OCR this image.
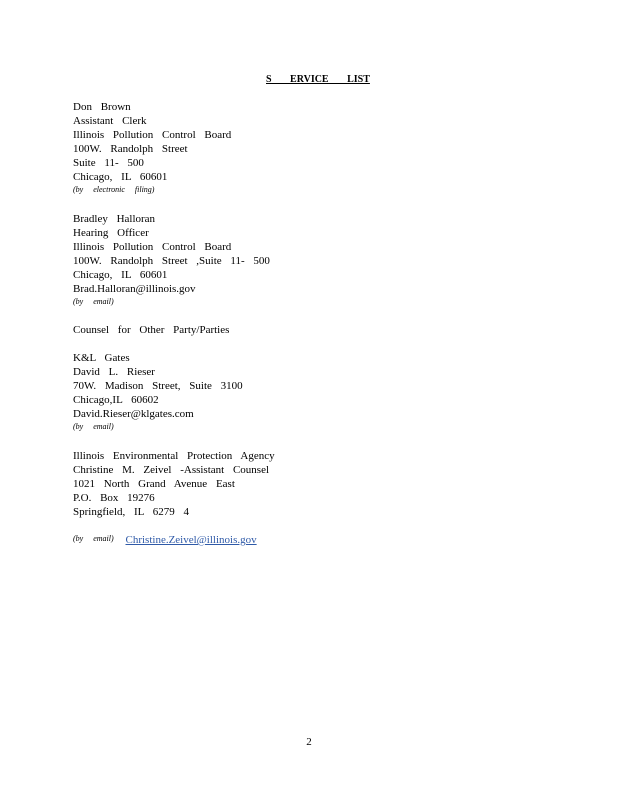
S ERVICE LIST
Don Brown
Assistant Clerk
Illinois Pollution Control Board
100W. Randolph Street
Suite 11- 500
Chicago, IL 60601
(by electronic filing)
Bradley Halloran
Hearing Officer
Illinois Pollution Control Board
100W. Randolph Street ,Suite 11- 500
Chicago, IL 60601
Brad.Halloran@illinois.gov
(by email)
Counsel for Other Party/Parties
K&L Gates
David L. Rieser
70W. Madison Street, Suite 3100
Chicago,IL 60602
David.Rieser@klgates.com
(by email)
Illinois Environmental Protection Agency
Christine M. Zeivel -Assistant Counsel
1021 North Grand Avenue East
P.O. Box 19276
Springfield, IL 6279 4

Christine.Zeivel@illinois.gov

(by email)
2
